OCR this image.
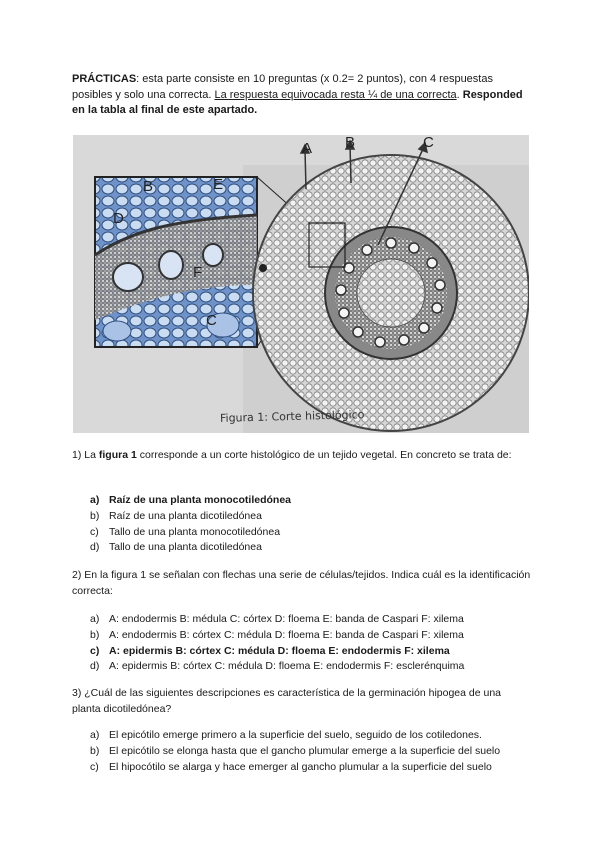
PRÁCTICAS: esta parte consiste en 10 preguntas (x 0.2= 2 puntos), con 4 respuestas posibles y solo una correcta. La respuesta equivocada resta ¼ de una correcta. Responded en la tabla al final de este apartado.
A B	C
B	E
D
F
C
Figura 1: Corte histológico

1) La figura 1 corresponde a un corte histológico de un tejido vegetal. En concreto se trata de:

a) Raíz de una planta monocotiledónea
b) Raíz de una planta dicotiledónea
c) Tallo de una planta monocotiledónea
d) Tallo de una planta dicotiledónea

2) En la figura 1 se señalan con flechas una serie de células/tejidos. Indica cuál es la identificación correcta:

a) A: endodermis B: médula C: córtex D: floema E: banda de Caspari F: xilema
b) A: endodermis B: córtex C: médula D: floema E: banda de Caspari F: xilema
c) A: epidermis B: córtex C: médula D: floema E: endodermis F: xilema
d) A: epidermis B: córtex C: médula D: floema E: endodermis F: esclerénquima

3) ¿Cuál de las siguientes descripciones es característica de la germinación hipogea de una planta dicotiledónea?

a) El epicótilo emerge primero a la superficie del suelo, seguido de los cotiledones.
b) El epicótilo se elonga hasta que el gancho plumular emerge a la superficie del suelo
c) El hipocótilo se alarga y hace emerger al gancho plumular a la superficie del suelo
